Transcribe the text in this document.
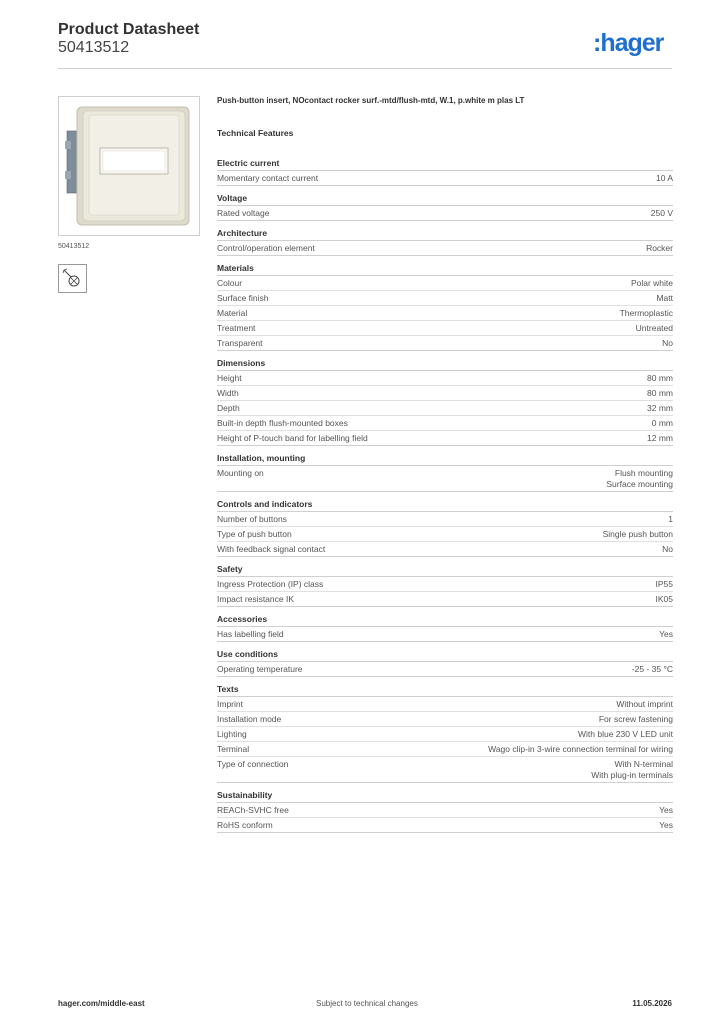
Product Datasheet
50413512	:hager
50413512
Push-button insert, NOcontact rocker surf.-mtd/flush-mtd, W.1, p.white m plas LT
Technical Features
Electric current
Momentary contact current	10 A
Voltage
Rated voltage	250 V
Architecture
Control/operation element	Rocker
Materials
Colour	Polar white
Surface finish	Matt
Material	Thermoplastic
Treatment	Untreated
Transparent	No
Dimensions
Height	80 mm
Width	80 mm
Depth	32 mm
Built-in depth flush-mounted boxes	0 mm
Height of P-touch band for labelling field	12 mm
Installation, mounting
Mounting on	Flush mounting
Surface mounting
Controls and indicators
Number of buttons	1
Type of push button	Single push button
With feedback signal contact	No
Safety
Ingress Protection (IP) class	IP55
Impact resistance IK	IK05
Accessories
Has labelling field	Yes
Use conditions
Operating temperature	-25 - 35 °C
Texts
Imprint	Without imprint
Installation mode	For screw fastening
Lighting	With blue 230 V LED unit
Terminal	Wago clip-in 3-wire connection terminal for wiring
Type of connection	With N-terminal
With plug-in terminals
Sustainability
REACh-SVHC free	Yes
RoHS conform	Yes
hager.com/middle-east	Subject to technical changes	11.05.2026
